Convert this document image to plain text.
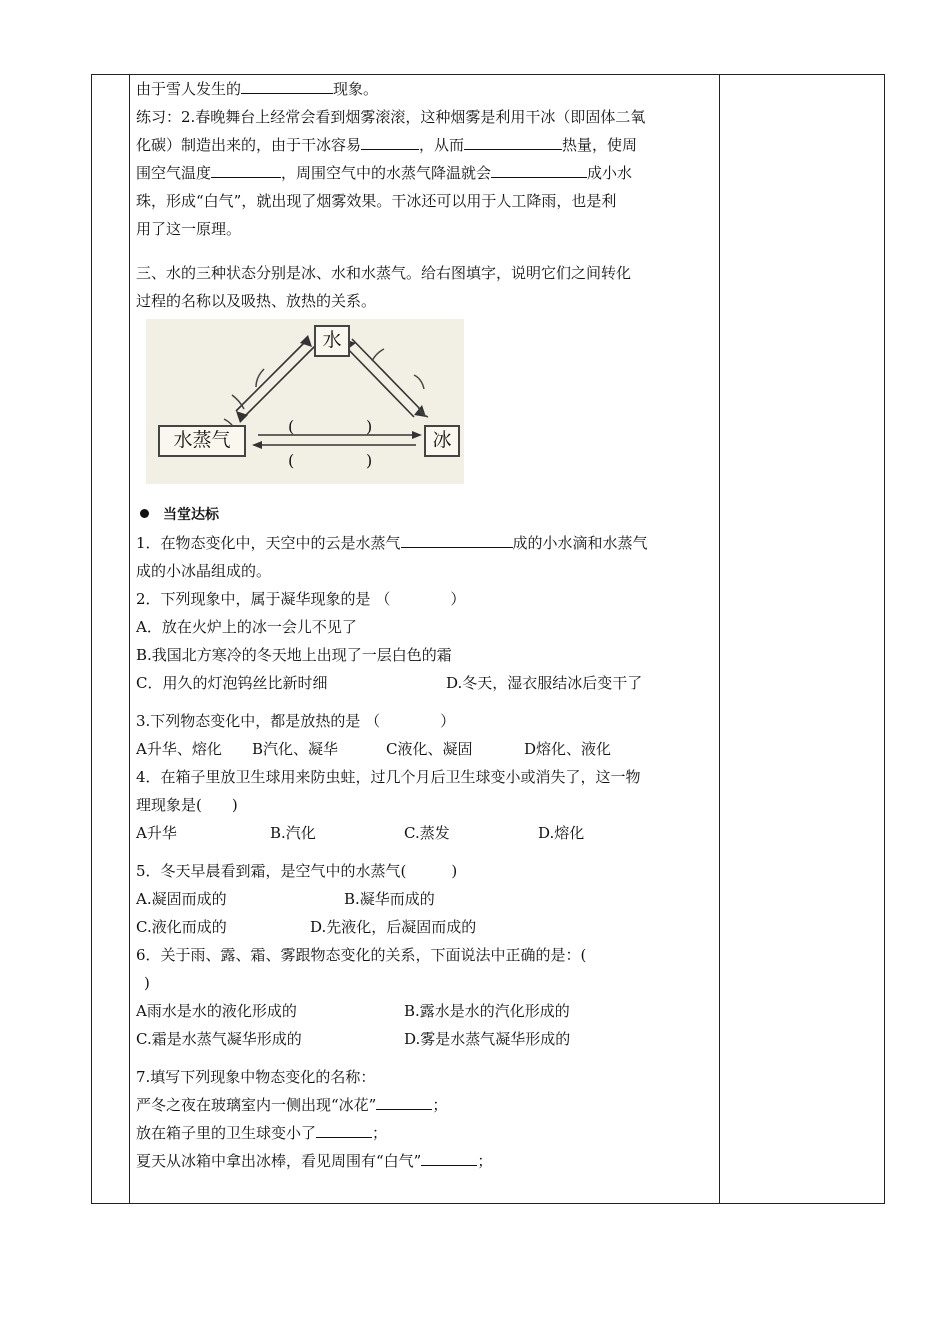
由于雪人发生的	现象。

练习：2.春晚舞台上经常会看到烟雾滚滚，这种烟雾是利用干冰（即固体二氧

化碳）制造出来的，由于干冰容易	，从而	热量，使周

围空气温度	，周围空气中的水蒸气降温就会	成小水

珠，形成“白气”，就出现了烟雾效果。干冰还可以用于人工降雨，也是利

用了这一原理。

三、水的三种状态分别是冰、水和水蒸气。给右图填字，说明它们之间转化

过程的名称以及吸热、放热的关系。

水
水蒸气	冰
(	)
(	)

当堂达标

1．在物态变化中，天空中的云是水蒸气	成的小水滴和水蒸气

成的小冰晶组成的。

2．下列现象中，属于凝华现象的是 （　　　　）

A．放在火炉上的冰一会儿不见了

B.我国北方寒冷的冬天地上出现了一层白色的霜

C．用久的灯泡钨丝比新时细	D.冬天，湿衣服结冰后变干了

3.下列物态变化中，都是放热的是 （　　　　）

A升华、熔化	B汽化、凝华	C液化、凝固	D熔化、液化

4．在箱子里放卫生球用来防虫蛀，过几个月后卫生球变小或消失了，这一物

理现象是(　　)

A升华	B.汽化	C.蒸发	D.熔化

5．冬天早晨看到霜，是空气中的水蒸气(　　　)

A.凝固而成的	B.凝华而成的
C.液化而成的	D.先液化，后凝固而成的

6．关于雨、露、霜、雾跟物态变化的关系，下面说法中正确的是：(

)

A雨水是水的液化形成的	B.露水是水的汽化形成的
C.霜是水蒸气凝华形成的	D.雾是水蒸气凝华形成的

7.填写下列现象中物态变化的名称：

严冬之夜在玻璃室内一侧出现“冰花”	；

放在箱子里的卫生球变小了	；

夏天从冰箱中拿出冰棒，看见周围有“白气”	；
